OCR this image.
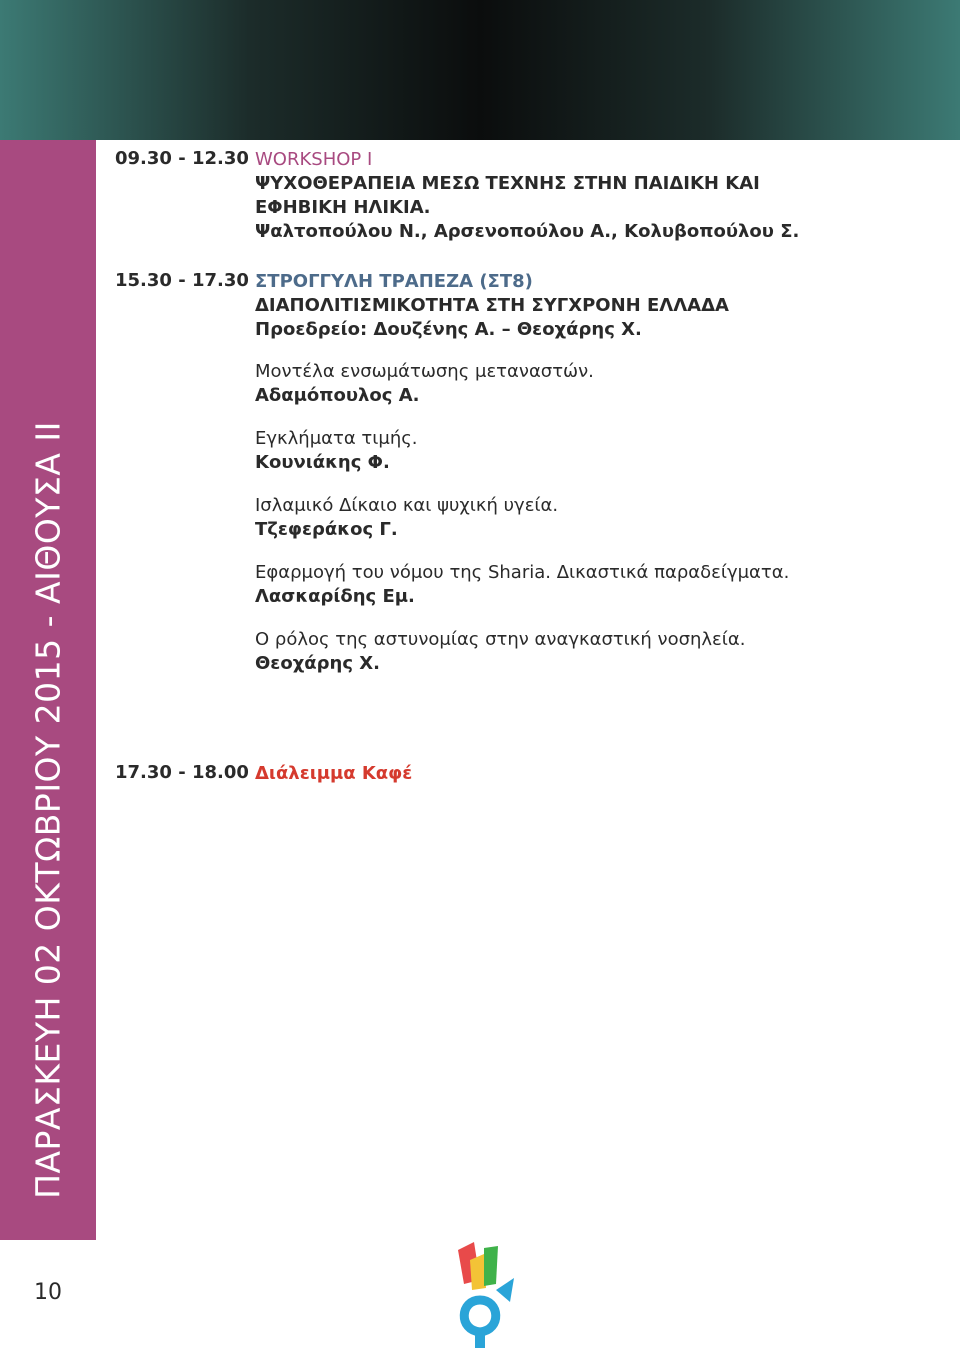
ΠΑΡΑΣΚΕΥΗ 02 ΟΚΤΩΒΡΙΟΥ 2015 - ΑΙΘΟΥΣΑ ΙΙ
10
09.30 - 12.30 WORKSHOP I
ΨΥΧΟΘΕΡΑΠΕΙΑ ΜΕΣΩ ΤΕΧΝΗΣ ΣΤΗΝ ΠΑΙΔΙΚΗ ΚΑΙ
ΕΦΗΒΙΚΗ ΗΛΙΚΙΑ.
Ψαλτοπούλου Ν., Αρσενοπούλου Α., Κολυβοπούλου Σ.
15.30 - 17.30 ΣΤΡΟΓΓΥΛΗ ΤΡΑΠΕΖΑ (ΣΤ8)
ΔΙΑΠΟΛΙΤΙΣΜΙΚΟΤΗΤΑ ΣΤΗ ΣΥΓΧΡΟΝΗ ΕΛΛΑΔΑ
Προεδρείο: Δουζένης Α. – Θεοχάρης Χ.
Μοντέλα ενσωμάτωσης μεταναστών.
Αδαμόπουλος Α.
Εγκλήματα τιμής.
Κουνιάκης Φ.
Ισλαμικό Δίκαιο και ψυχική υγεία.
Τζεφεράκος Γ.
Εφαρμογή του νόμου της Sharia. Δικαστικά παραδείγματα.
Λασκαρίδης Εμ.
Ο ρόλος της αστυνομίας στην αναγκαστική νοσηλεία.
Θεοχάρης Χ.
17.30 - 18.00 Διάλειμμα Καφέ
